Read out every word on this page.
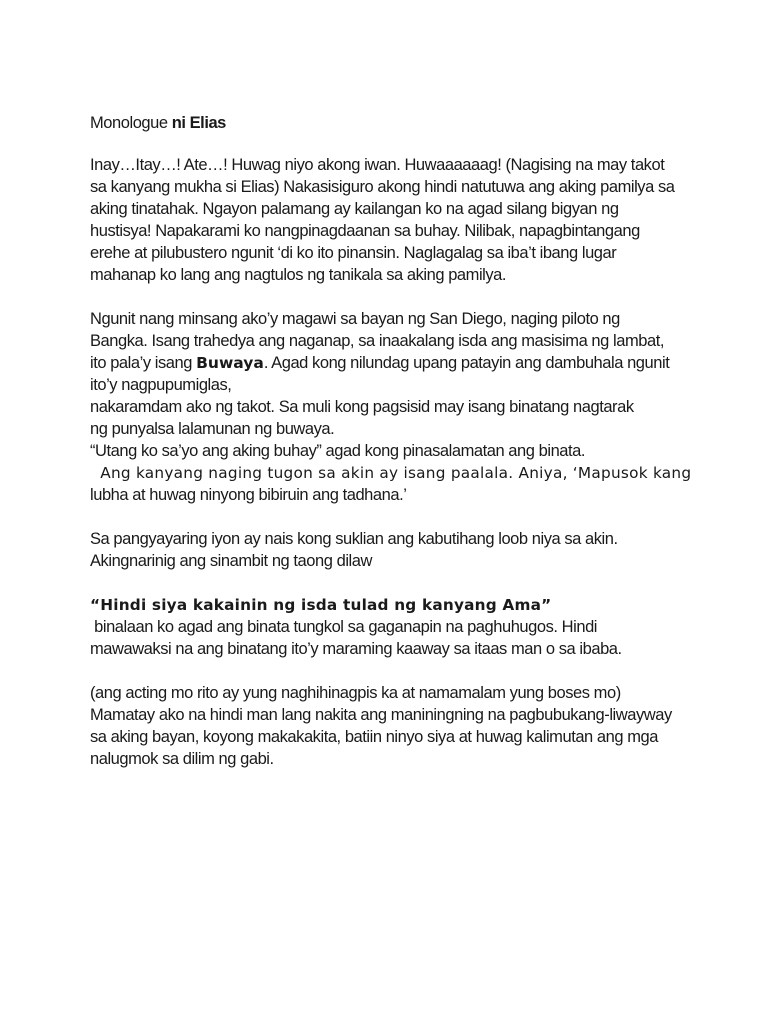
Monologue ni Elias
Inay…Itay…! Ate…! Huwag niyo akong iwan. Huwaaaaaag! (Nagising na may takot
sa kanyang mukha si Elias) Nakasisiguro akong hindi natutuwa ang aking pamilya sa
aking tinatahak. Ngayon palamang ay kailangan ko na agad silang bigyan ng
hustisya! Napakarami ko nangpinagdaanan sa buhay. Nilibak, napagbintangang
erehe at pilubustero ngunit ‘di ko ito pinansin. Naglagalag sa iba’t ibang lugar
mahanap ko lang ang nagtulos ng tanikala sa aking pamilya.
Ngunit nang minsang ako’y magawi sa bayan ng San Diego, naging piloto ng
Bangka. Isang trahedya ang naganap, sa inaakalang isda ang masisima ng lambat,
ito pala’y isang Buwaya. Agad kong nilundag upang patayin ang dambuhala ngunit
ito’y nagpupumiglas,
nakaramdam ako ng takot. Sa muli kong pagsisid may isang binatang nagtarak
ng punyalsa lalamunan ng buwaya.
“Utang ko sa’yo ang aking buhay” agad kong pinasalamatan ang binata.
Ang kanyang naging tugon sa akin ay isang paalala. Aniya, ‘Mapusok kang
lubha at huwag ninyong bibiruin ang tadhana.’
Sa pangyayaring iyon ay nais kong suklian ang kabutihang loob niya sa akin.
Akingnarinig ang sinambit ng taong dilaw
“Hindi siya kakainin ng isda tulad ng kanyang Ama”
binalaan ko agad ang binata tungkol sa gaganapin na paghuhugos. Hindi
mawawaksi na ang binatang ito’y maraming kaaway sa itaas man o sa ibaba.
(ang acting mo rito ay yung naghihinagpis ka at namamalam yung boses mo)
Mamatay ako na hindi man lang nakita ang maniningning na pagbubukang-liwayway
sa aking bayan, koyong makakakita, batiin ninyo siya at huwag kalimutan ang mga
nalugmok sa dilim ng gabi.
